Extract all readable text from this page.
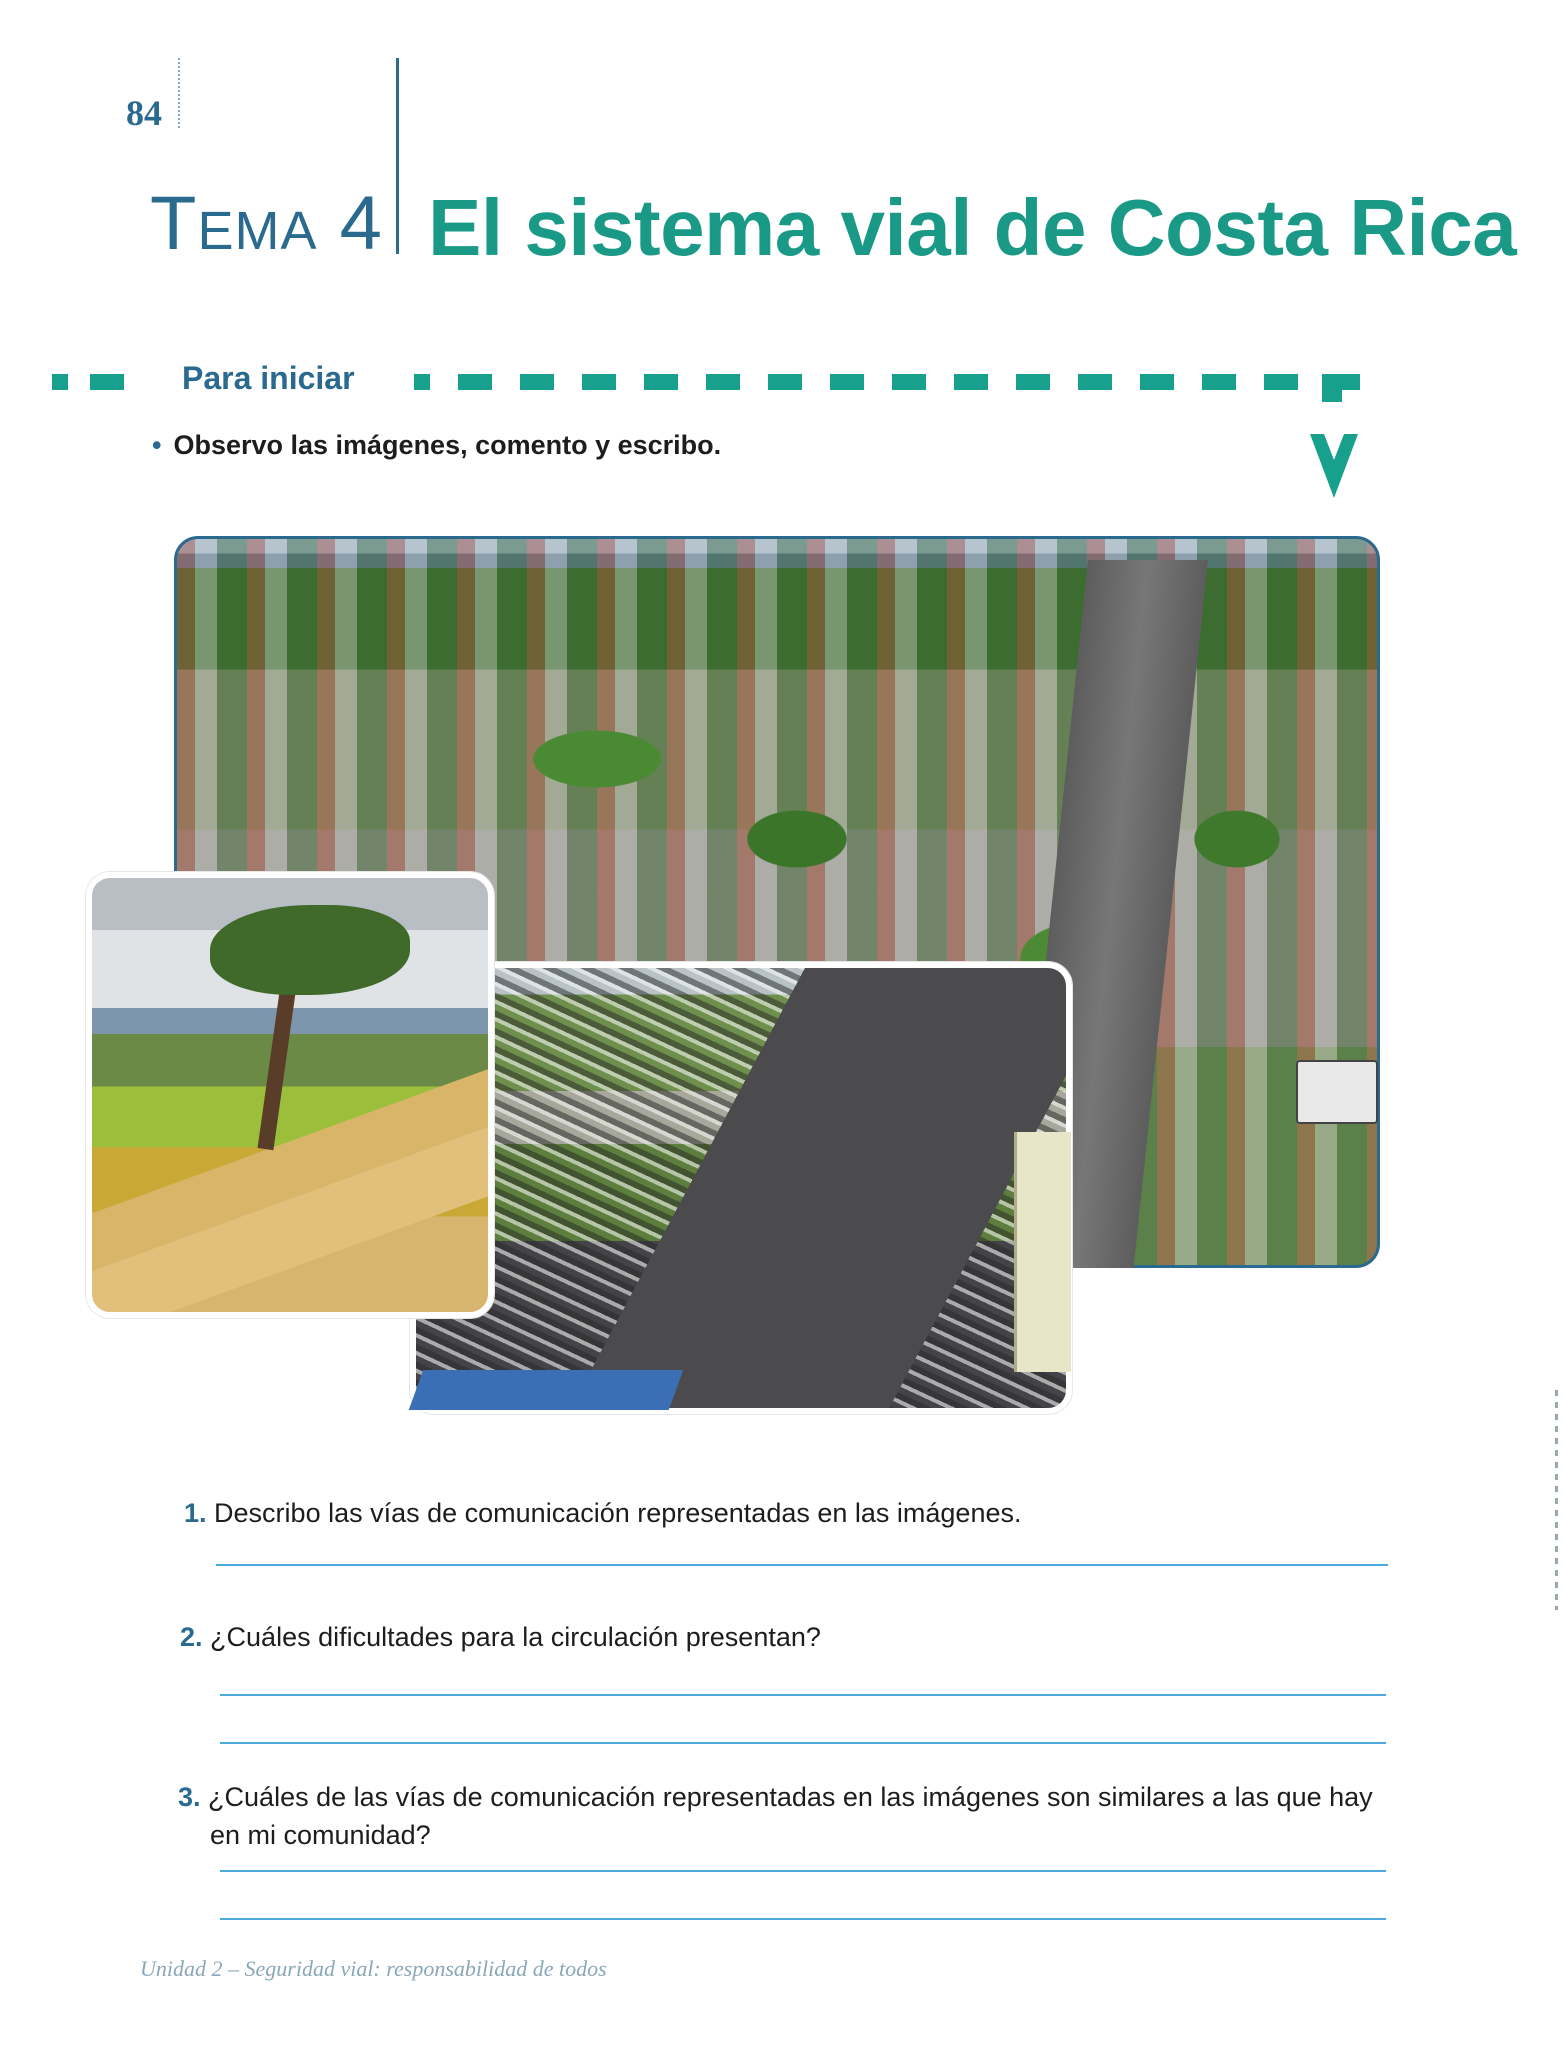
84
TEMA 4 El sistema vial de Costa Rica
Para iniciar
• Observo las imágenes, comento y escribo.
1. Describo las vías de comunicación representadas en las imágenes.
2. ¿Cuáles dificultades para la circulación presentan?
3. ¿Cuáles de las vías de comunicación representadas en las imágenes son similares a las que hay
en mi comunidad?
Unidad 2 – Seguridad vial: responsabilidad de todos
